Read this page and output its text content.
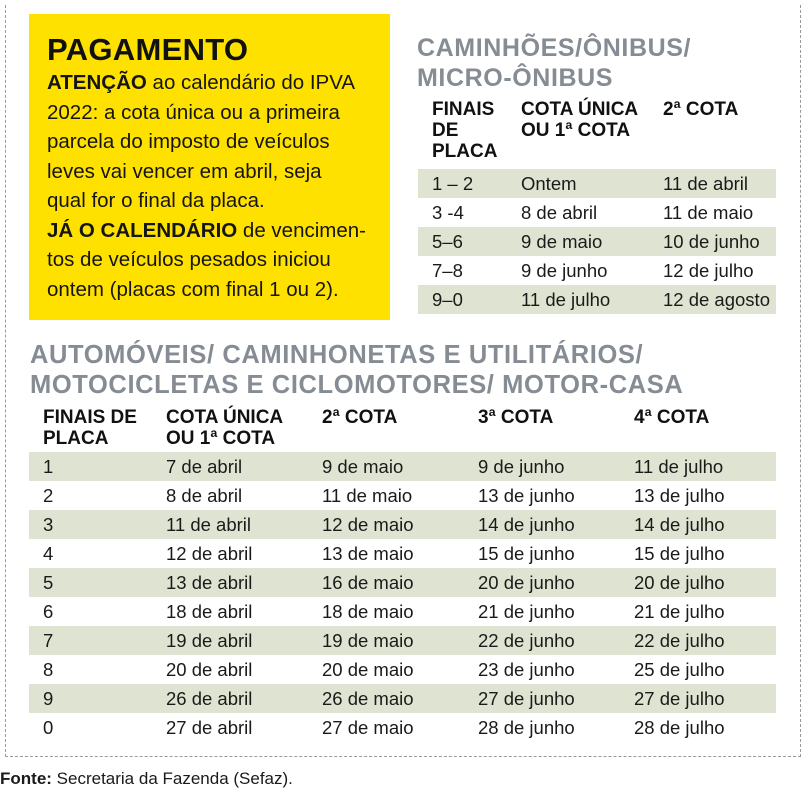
PAGAMENTO

ATENÇÃO ao calendário do IPVA
2022: a cota única ou a primeira
parcela do imposto de veículos
leves vai vencer em abril, seja
qual for o final da placa.

JÁ O CALENDÁRIO de vencimen-
tos de veículos pesados iniciou
ontem (placas com final 1 ou 2).

CAMINHÕES/ÔNIBUS/
MICRO-ÔNIBUS
FINAIS DE PLACA	COTA ÚNICA OU 1ª COTA	2ª COTA
1 – 2	Ontem	11 de abril
3 -4	8 de abril	11 de maio
5–6	9 de maio	10 de junho
7–8	9 de junho	12 de julho
9–0	11 de julho	12 de agosto
AUTOMÓVEIS/ CAMINHONETAS E UTILITÁRIOS/
MOTOCICLETAS E CICLOMOTORES/ MOTOR-CASA
FINAIS DE PLACA	COTA ÚNICA OU 1ª COTA	2ª COTA	3ª COTA	4ª COTA
1	7 de abril	9 de maio	9 de junho	11 de julho
2	8 de abril	11 de maio	13 de junho	13 de julho
3	11 de abril	12 de maio	14 de junho	14 de julho
4	12 de abril	13 de maio	15 de junho	15 de julho
5	13 de abril	16 de maio	20 de junho	20 de julho
6	18 de abril	18 de maio	21 de junho	21 de julho
7	19 de abril	19 de maio	22 de junho	22 de julho
8	20 de abril	20 de maio	23 de junho	25 de julho
9	26 de abril	26 de maio	27 de junho	27 de julho
0	27 de abril	27 de maio	28 de junho	28 de julho
Fonte: Secretaria da Fazenda (Sefaz).
